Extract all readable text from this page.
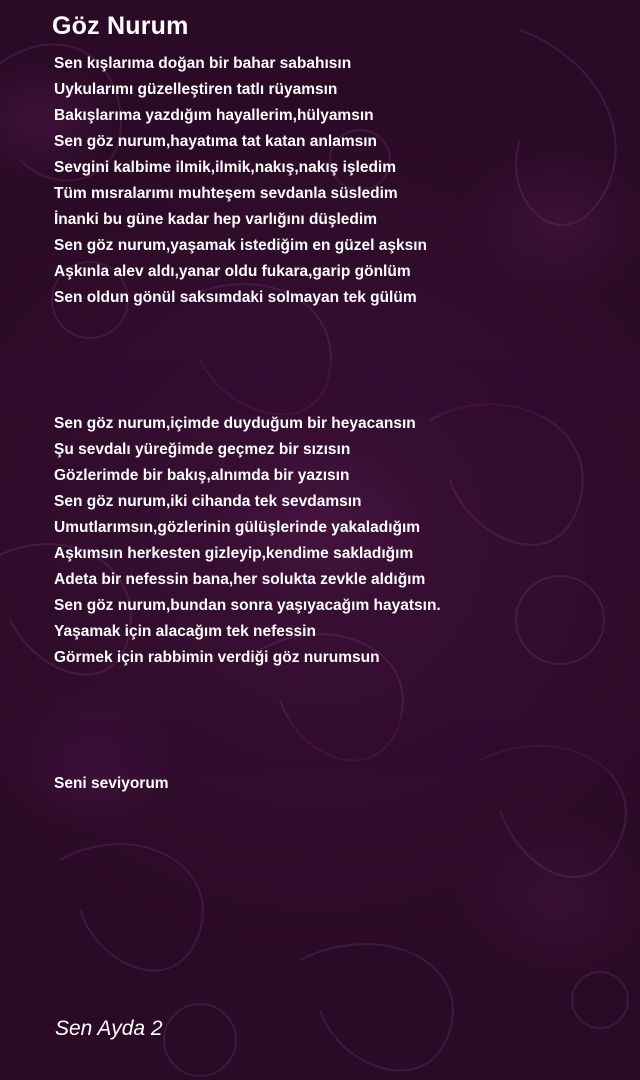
Göz Nurum
Sen kışlarıma doğan bir bahar sabahısın
Uykularımı güzelleştiren tatlı rüyamsın
Bakışlarıma yazdığım hayallerim,hülyamsın
Sen göz nurum,hayatıma tat katan anlamsın
Sevgini kalbime ilmik,ilmik,nakış,nakış işledim
Tüm mısralarımı muhteşem sevdanla süsledim
İnanki bu güne kadar hep varlığını düşledim
Sen göz nurum,yaşamak istediğim en güzel aşksın
Aşkınla alev aldı,yanar oldu fukara,garip gönlüm
Sen oldun gönül saksımdaki solmayan tek gülüm
Sen göz nurum,içimde duyduğum bir heyacansın
Şu sevdalı yüreğimde geçmez bir sızısın
Gözlerimde bir bakış,alnımda bir yazısın
Sen göz nurum,iki cihanda tek sevdamsın
Umutlarımsın,gözlerinin gülüşlerinde yakaladığım
Aşkımsın herkesten gizleyip,kendime sakladığım
Adeta bir nefessin bana,her solukta zevkle aldığım
Sen göz nurum,bundan sonra yaşıyacağım hayatsın.
Yaşamak için alacağım tek nefessin
Görmek için rabbimin verdiği göz nurumsun
Seni seviyorum

Sen Ayda 2
